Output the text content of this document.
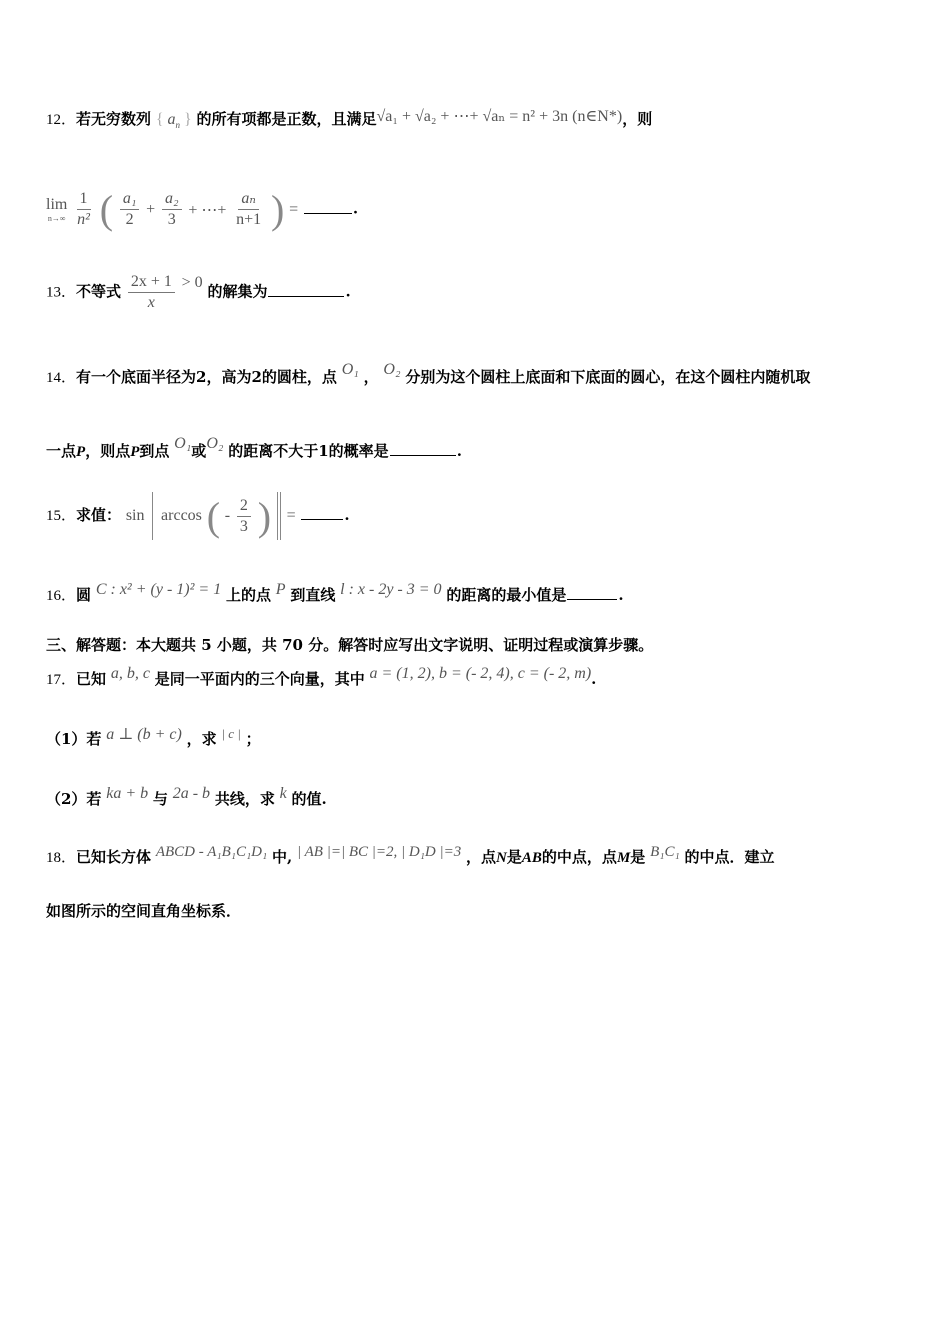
12．若无穷数列 { $a_n$ } 的所有项都是正数，且满足√a₁ + √a₂ + ⋯+ √aₙ = n² + 3n (n∈N*)，则
lim
n→∞
$\frac{1}{\text{n²}}$ ( $\frac{\text{a₁}}{2} + \frac{\text{a₂}}{3}$ + ⋯+ $\frac{\text{aₙ}}{n+1}$ ) =	.
13．不等式 $\frac{2x + 1}{x} > 0$ 的解集为	.
14．有一个底面半径为2，高为2的圆柱，点 O₁ ， O₂ 分别为这个圆柱上底面和下底面的圆心，在这个圆柱内随机取
一点P，则点P到点 O₁或O₂ 的距离不大于1的概率是	.
15．求值： sin arccos ( - $\frac{2}{3}$ ) =	.
16．圆 C : x² + (y - 1)² = 1 上的点 P 到直线 l : x - 2y - 3 = 0 的距离的最小值是	.
三、解答题：本大题共 5 小题，共 70 分。解答时应写出文字说明、证明过程或演算步骤。
17．已知 a, b, c 是同一平面内的三个向量，其中 a = (1, 2), b = (- 2, 4), c = (- 2, m).
（1）若 a ⊥ (b + c) ，求 | c | ；
（2）若 ka + b 与 2a - b 共线，求 k 的值.
18．已知长方体 ABCD - A₁B₁C₁D₁ 中, | AB |=| BC |=2, | D₁D |=3 ，点N是AB的中点，点M是 B₁C₁ 的中点．建立
如图所示的空间直角坐标系．
